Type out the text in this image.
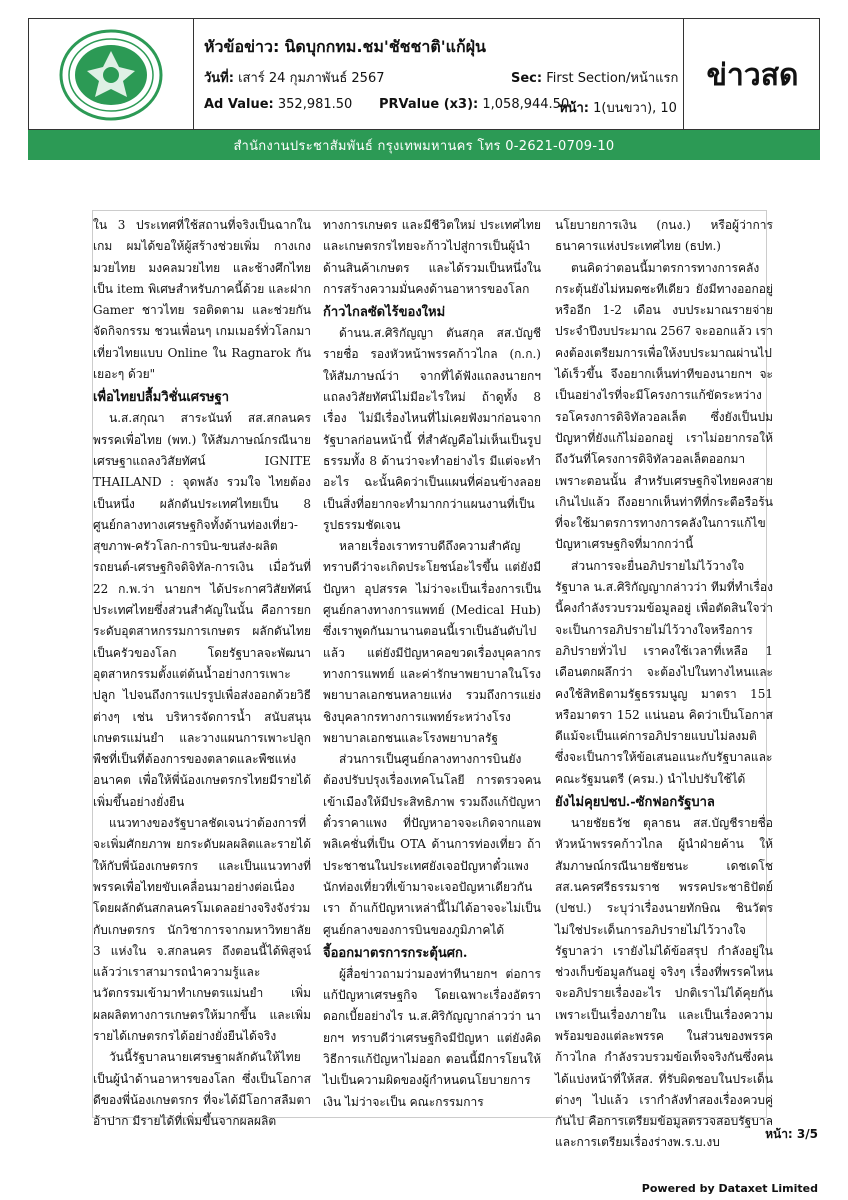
หัวข้อข่าว: นิดบุกกทม.ชม'ชัชชาติ'แก้ฝุ่น
วันที่: เสาร์ 24 กุมภาพันธ์ 2567	Sec: First Section/หน้าแรก
Ad Value: 352,981.50 PRValue (x3): 1,058,944.50
หน้า: 1(บนขวา), 10
ข่าวสด
สำนักงานประชาสัมพันธ์ กรุงเทพมหานคร โทร 0-2621-0709-10

ใน 3 ประเทศที่ใช้สถานที่จริงเป็นฉากในเกม ผมได้ขอให้ผู้สร้างช่วยเพิ่ม กางเกงมวยไทย มงคลมวยไทย และช้างศึกไทยเป็น item พิเศษสำหรับภาคนี้ด้วย และฝาก Gamer ชาวไทย รอติดตาม และช่วยกันจัดกิจกรรม ชวนเพื่อนๆ เกมเมอร์ทั่วโลกมาเที่ยวไทยแบบ Online ใน Ragnarok กันเยอะๆ ด้วย"

เพื่อไทยปลื้มวิชั่นเศรษฐา

น.ส.สกุณา สาระนันท์ สส.สกลนคร พรรคเพื่อไทย (พท.) ให้สัมภาษณ์กรณีนายเศรษฐาแถลงวิสัยทัศน์ IGNITE THAILAND : จุดพลัง รวมใจ ไทยต้องเป็นหนึ่ง ผลักดันประเทศไทยเป็น 8 ศูนย์กลางทางเศรษฐกิจทั้งด้านท่องเที่ยว-สุขภาพ-ครัวโลก-การบิน-ขนส่ง-ผลิตรถยนต์-เศรษฐกิจดิจิทัล-การเงิน เมื่อวันที่ 22 ก.พ.ว่า นายกฯ ได้ประกาศวิสัยทัศน์ประเทศไทยซึ่งส่วนสำคัญในนั้น คือการยกระดับอุตสาหกรรมการเกษตร ผลักดันไทยเป็นครัวของโลก โดยรัฐบาลจะพัฒนาอุตสาหกรรมตั้งแต่ต้นน้ำอย่างการเพาะปลูก ไปจนถึงการแปรรูปเพื่อส่งออกด้วยวิธีต่างๆ เช่น บริหารจัดการน้ำ สนับสนุนเกษตรแม่นยำ และวางแผนการเพาะปลูกพืชที่เป็นที่ต้องการของตลาดและพืชแห่งอนาคต เพื่อให้พี่น้องเกษตรกรไทยมีรายได้เพิ่มขึ้นอย่างยั่งยืน

แนวทางของรัฐบาลชัดเจนว่าต้องการที่จะเพิ่มศักยภาพ ยกระดับผลผลิตและรายได้ให้กับพี่น้องเกษตรกร และเป็นแนวทางที่พรรคเพื่อไทยขับเคลื่อนมาอย่างต่อเนื่อง โดยผลักดันสกลนครโมเดลอย่างจริงจังร่วมกับเกษตรกร นักวิชาการจากมหาวิทยาลัย 3 แห่งใน จ.สกลนคร ถึงตอนนี้ได้พิสูจน์แล้วว่าเราสามารถนำความรู้และนวัตกรรมเข้ามาทำเกษตรแม่นยำ เพิ่มผลผลิตทางการเกษตรให้มากขึ้น และเพิ่มรายได้เกษตรกรได้อย่างยั่งยืนได้จริง

วันนี้รัฐบาลนายเศรษฐาผลักดันให้ไทยเป็นผู้นำด้านอาหารของโลก ซึ่งเป็นโอกาสดีของพี่น้องเกษตรกร ที่จะได้มีโอกาสลืมตาอ้าปาก มีรายได้ที่เพิ่มขึ้นจากผลผลิต

ทางการเกษตร และมีชีวิตใหม่ ประเทศไทยและเกษตรกรไทยจะก้าวไปสู่การเป็นผู้นำด้านสินค้าเกษตร และได้รวมเป็นหนึ่งในการสร้างความมั่นคงด้านอาหารของโลก

ก้าวไกลซัดไร้ของใหม่

ด้านน.ส.ศิริกัญญา ตันสกุล สส.บัญชีรายชื่อ รองหัวหน้าพรรคก้าวไกล (ก.ก.) ให้สัมภาษณ์ว่า จากที่ได้ฟังแถลงนายกฯ แถลงวิสัยทัศน์ไม่มีอะไรใหม่ ถ้าดูทั้ง 8 เรื่อง ไม่มีเรื่องไหนที่ไม่เคยฟังมาก่อนจากรัฐบาลก่อนหน้านี้ ที่สำคัญคือไม่เห็นเป็นรูปธรรมทั้ง 8 ด้านว่าจะทำอย่างไร มีแต่จะทำอะไร ฉะนั้นคิดว่าเป็นแผนที่ค่อนข้างลอย เป็นสิ่งที่อยากจะทำมากกว่าแผนงานที่เป็นรูปธรรมชัดเจน

หลายเรื่องเราทราบดีถึงความสำคัญ ทราบดีว่าจะเกิดประโยชน์อะไรขึ้น แต่ยังมีปัญหา อุปสรรค ไม่ว่าจะเป็นเรื่องการเป็นศูนย์กลางทางการแพทย์ (Medical Hub) ซึ่งเราพูดกันมานานตอนนี้เราเป็นอันดับไปแล้ว แต่ยังมีปัญหาคอขวดเรื่องบุคลากรทางการแพทย์ และค่ารักษาพยาบาลในโรงพยาบาลเอกชนหลายแห่ง รวมถึงการแย่งชิงบุคลากรทางการแพทย์ระหว่างโรงพยาบาลเอกชนและโรงพยาบาลรัฐ

ส่วนการเป็นศูนย์กลางทางการบินยังต้องปรับปรุงเรื่องเทคโนโลยี การตรวจคนเข้าเมืองให้มีประสิทธิภาพ รวมถึงแก้ปัญหาตั๋วราคาแพง ที่ปัญหาอาจจะเกิดจากแอพพลิเคชั่นที่เป็น OTA ด้านการท่องเที่ยว ถ้าประชาชนในประเทศยังเจอปัญหาตั๋วแพง นักท่องเที่ยวที่เข้ามาจะเจอปัญหาเดียวกันเรา ถ้าแก้ปัญหาเหล่านี้ไม่ได้อาจจะไม่เป็นศูนย์กลางของการบินของภูมิภาคได้

จี้ออกมาตรการกระตุ้นศก.

ผู้สื่อข่าวถามว่ามองท่าทีนายกฯ ต่อการแก้ปัญหาเศรษฐกิจ โดยเฉพาะเรื่องอัตราดอกเบี้ยอย่างไร น.ส.ศิริกัญญากล่าวว่า นายกฯ ทราบดีว่าเศรษฐกิจมีปัญหา แต่ยังคิดวิธีการแก้ปัญหาไม่ออก ตอนนี้มีการโยนให้ไปเป็นความผิดของผู้กำหนดนโยบายการเงิน ไม่ว่าจะเป็น คณะกรรมการ

นโยบายการเงิน (กนง.) หรือผู้ว่าการธนาคารแห่งประเทศไทย (ธปท.)

ตนคิดว่าตอนนี้มาตรการทางการคลังกระตุ้นยังไม่หมดซะทีเดียว ยังมีทางออกอยู่ หรืออีก 1-2 เดือน งบประมาณรายจ่ายประจำปีงบประมาณ 2567 จะออกแล้ว เราคงต้องเตรียมการเพื่อให้งบประมาณผ่านไปได้เร็วขึ้น จึงอยากเห็นท่าทีของนายกฯ จะเป็นอย่างไรที่จะมีโครงการแก้ขัดระหว่างรอโครงการดิจิทัลวอลเล็ต ซึ่งยังเป็นปมปัญหาที่ยังแก้ไม่ออกอยู่ เราไม่อยากรอให้ถึงวันที่โครงการดิจิทัลวอลเล็ตออกมา เพราะตอนนั้น สำหรับเศรษฐกิจไทยคงสายเกินไปแล้ว ถึงอยากเห็นท่าทีที่กระตือรือร้น ที่จะใช้มาตรการทางการคลังในการแก้ไขปัญหาเศรษฐกิจที่มากกว่านี้

ส่วนการจะยื่นอภิปรายไม่ไว้วางใจรัฐบาล น.ส.ศิริกัญญากล่าวว่า ทีมที่ทำเรื่องนี้คงกำลังรวบรวมข้อมูลอยู่ เพื่อตัดสินใจว่าจะเป็นการอภิปรายไม่ไว้วางใจหรือการอภิปรายทั่วไป เราคงใช้เวลาที่เหลือ 1 เดือนตกผลึกว่า จะต้องไปในทางไหนและคงใช้สิทธิตามรัฐธรรมนูญ มาตรา 151 หรือมาตรา 152 แน่นอน คิดว่าเป็นโอกาสดีแม้จะเป็นแค่การอภิปรายแบบไม่ลงมติ ซึ่งจะเป็นการให้ข้อเสนอแนะกับรัฐบาลและคณะรัฐมนตรี (ครม.) นำไปปรับใช้ได้

ยังไม่คุยปชป.-ซักฟอกรัฐบาล

นายชัยธวัช ตุลาธน สส.บัญชีรายชื่อ หัวหน้าพรรคก้าวไกล ผู้นำฝ่ายค้าน ให้สัมภาษณ์กรณีนายชัยชนะ เดชเดโช สส.นครศรีธรรมราช พรรคประชาธิปัตย์ (ปชป.) ระบุว่าเรื่องนายทักษิณ ชินวัตร ไม่ใช่ประเด็นการอภิปรายไม่ไว้วางใจรัฐบาลว่า เรายังไม่ได้ข้อสรุป กำลังอยู่ในช่วงเก็บข้อมูลกันอยู่ จริงๆ เรื่องที่พรรคไหนจะอภิปรายเรื่องอะไร ปกติเราไม่ได้คุยกันเพราะเป็นเรื่องภายใน และเป็นเรื่องความพร้อมของแต่ละพรรค ในส่วนของพรรคก้าวไกล กำลังรวบรวมข้อเท็จจริงกันซึ่งคนได้แบ่งหน้าที่ให้สส. ที่รับผิดชอบในประเด็นต่างๆ ไปแล้ว เรากำลังทำสองเรื่องควบคู่กันไป คือการเตรียมข้อมูลตรวจสอบรัฐบาล และการเตรียมเรื่องร่างพ.ร.บ.งบ

หน้า: 3/5
Powered by Dataxet Limited
